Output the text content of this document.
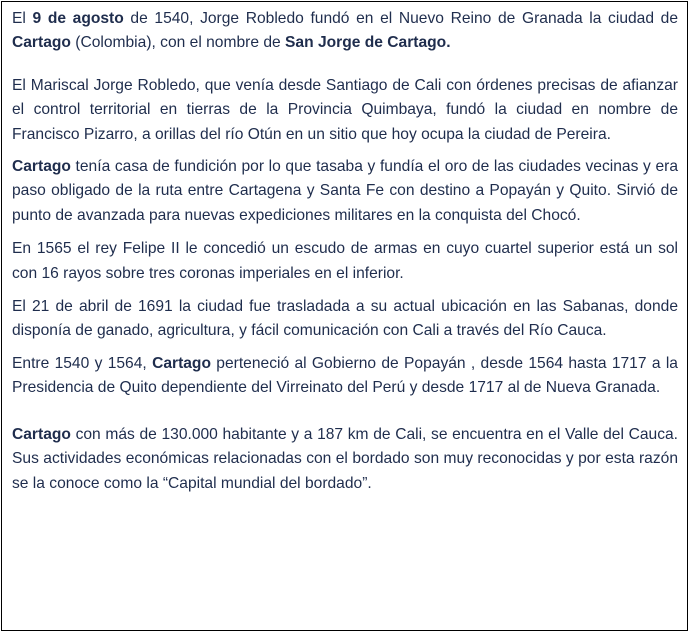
El 9 de agosto de 1540, Jorge Robledo fundó en el Nuevo Reino de Granada la ciudad de Cartago (Colombia), con el nombre de San Jorge de Cartago.

El Mariscal Jorge Robledo, que venía desde Santiago de Cali con órdenes precisas de afianzar el control territorial en tierras de la Provincia Quimbaya, fundó la ciudad en nombre de Francisco Pizarro, a orillas del río Otún en un sitio que hoy ocupa la ciudad de Pereira.

Cartago tenía casa de fundición por lo que tasaba y fundía el oro de las ciudades vecinas y era paso obligado de la ruta entre Cartagena y Santa Fe con destino a Popayán y Quito. Sirvió de punto de avanzada para nuevas expediciones militares en la conquista del Chocó.

En 1565 el rey Felipe II le concedió un escudo de armas en cuyo cuartel superior está un sol con 16 rayos sobre tres coronas imperiales en el inferior.

El 21 de abril de 1691 la ciudad fue trasladada a su actual ubicación en las Sabanas, donde disponía de ganado, agricultura, y fácil comunicación con Cali a través del Río Cauca.

Entre 1540 y 1564, Cartago perteneció al Gobierno de Popayán , desde 1564 hasta 1717 a la Presidencia de Quito dependiente del Virreinato del Perú y desde 1717 al de Nueva Granada.

Cartago con más de 130.000 habitante y a 187 km de Cali, se encuentra en el Valle del Cauca. Sus actividades económicas relacionadas con el bordado son muy reconocidas y por esta razón se la conoce como la “Capital mundial del bordado”.
